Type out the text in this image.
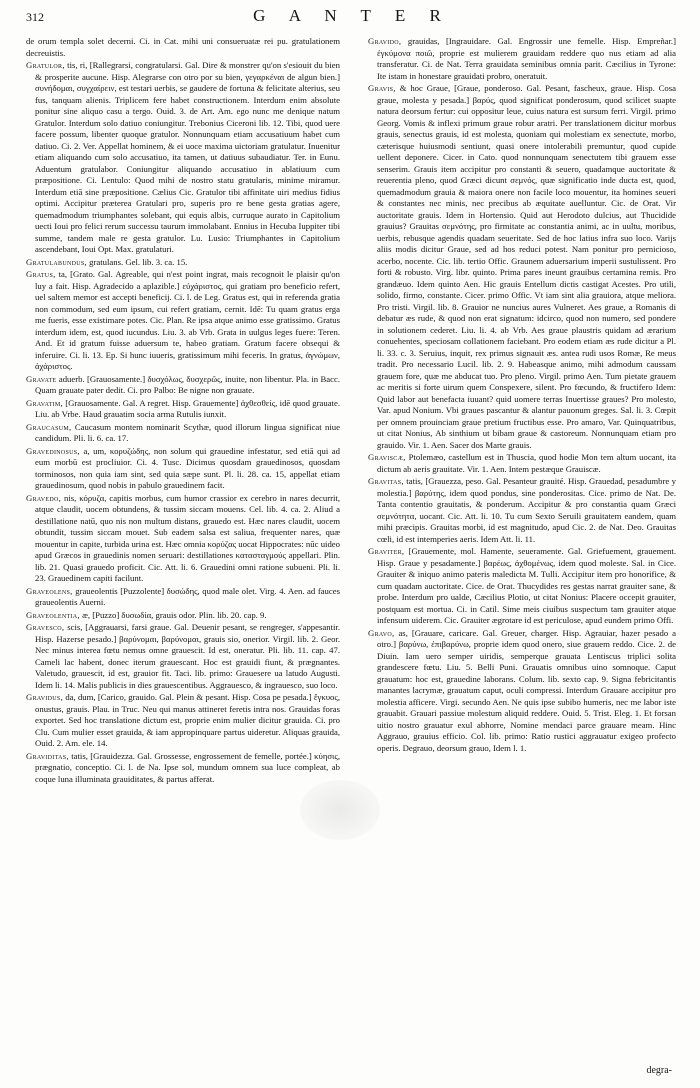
312	G A N T E R

de orum templa solet decerni. Ci. in Cat. mihi uni consueruatæ rei pu. gratulationem decreuistis.

Gratulor, tis, ri, [Rallegrarsi, congratularsi. Gal. Dire & monstrer qu'on s'esiouit du bien & prosperite aucune. Hisp. Alegrarse con otro por su bien, γεγαρκέναι de algun bien.] συνήδομαι, συγχαίρειν, est testari uerbis, se gaudere de fortuna & felicitate alterius, seu fus, tanquam alienis. Triplicem fere habet constructionem. Interdum enim absolute ponitur sine aliquo casu a tergo. Ouid. 3. de Art. Am. ego nunc me denique natum Gratulor. Interdum solo datiuo coniungitur. Trebonius Ciceroni lib. 12. Tibi, quod uere facere possum, libenter quoque gratulor. Nonnunquam etiam accusatiuum habet cum datiuo. Ci. 2. Ver. Appellat hominem, & ei uoce maxima uictoriam gratulatur. Inuenitur etiam aliquando cum solo accusatiuo, ita tamen, ut datiuus subaudiatur. Ter. in Eunu. Aduentum gratulabor. Coniungitur aliquando accusatiuo in ablatiuum cum præpositione. Ci. Lentulo: Quod mihi de nostro statu gratularis, minime miramur. Interdum etiā sine præpositione. Cælius Cic. Gratulor tibi affinitate uiri medius fidius optimi. Accipitur præterea Gratulari pro, superis pro re bene gesta gratias agere, quemadmodum triumphantes solebant, qui equis albis, curruque aurato in Capitolium uecti Ioui pro felici rerum successu taurum immolabant. Ennius in Hecuba Iuppiter tibi summe, tandem male re gesta gratulor. Lu. Lusio: Triumphantes in Capitolium ascendebant, Ioui Opt. Max. gratulaturi.

Gratulabundus, gratulans. Gel. lib. 3. ca. 15.

Gratus, ta, [Grato. Gal. Agreable, qui n'est point ingrat, mais recognoit le plaisir qu'on luy a fait. Hisp. Agradecido a aplazible.] εὐχάριστος, qui gratiam pro beneficio refert, uel saltem memor est accepti beneficij. Ci. l. de Leg. Gratus est, qui in referenda gratia non commodum, sed eum ipsum, cui refert gratiam, cernit. Idē: Tu quam gratus erga me fueris, esse existimare potes. Cic. Plan. Re ipsa atque animo esse gratissimo. Gratus interdum idem, est, quod iucundus. Liu. 3. ab Vrb. Grata in uulgus leges fuere: Teren. And. Et id gratum fuisse aduersum te, habeo gratiam. Gratum facere obsequi & inferuire. Ci. li. 13. Ep. Si hunc iuueris, gratissimum mihi feceris. In gratus, ἀγνώμων, ἀχάριστος.

Gravate aduerb. [Grauosamente.] δυσχόλως, δυσχερῶς, inuite, non libentur. Pla. in Bacc. Quam grauate pater dedit. Ci. pro Palbo: Be nigne non grauate.

Gravatim, [Grauosamente. Gal. A regret. Hisp. Grauemente] ἀχθεσθείς, idē quod grauate. Liu. ab Vrbe. Haud grauatim socia arma Rutulis iunxit.

Graucasum, Caucasum montem nominarit Scythæ, quod illorum lingua significat niue candidum. Pli. li. 6. ca. 17.

Gravedinosus, a, um, κορυζώδης, non solum qui grauedine infestatur, sed etiā qui ad eum morbū est procliuior. Ci. 4. Tusc. Dicimus quosdam grauedinosos, quosdam torminosos, non quia iam sint, sed quia sæpe sunt. Pl. li. 28. ca. 15, appellat etiam grauedinosum, quod nobis in pabulo grauedinem facit.

Gravedo, nis, κόρυζα, capitis morbus, cum humor crassior ex cerebro in nares decurrit, atque claudit, uocem obtundens, & tussim siccam mouens. Cel. lib. 4. ca. 2. Aliud a destillatione natū, quo nis non multum distans, grauedo est. Hæc nares claudit, uocem obtundit, tussim siccam mouet. Sub eadem salsa est saliua, frequenter nares, quæ mouentur in capite, turbida urina est. Hæc omnia κορύζας uocat Hippocrates: nūc uideo apud Græcos in grauedinis nomen seruari: destillationes κατασταγμούς appellari. Plin. lib. 21. Quasi grauedo proficit. Cic. Att. li. 6. Grauedini omni ratione subueni. Pli. li. 23. Grauedinem capiti facilunt.

Graveolens, graueolentis [Puzzolente] δυσώδης, quod male olet. Virg. 4. Aen. ad fauces graueolentis Auerni.

Graveolentia, æ, [Puzzo] δυσωδία, grauis odor. Plin. lib. 20. cap. 9.

Gravesco, scis, [Aggrauarsi, farsi graue. Gal. Deuenir pesant, se rengreger, s'appesantir. Hisp. Hazerse pesado.] βαρύνομαι, βαρύνομαι, grauis sio, onerior. Virgil. lib. 2. Geor. Nec minus interea fœtu nemus omne grauescit. Id est, oneratur. Pli. lib. 11. cap. 47. Cameli lac habent, donec iterum grauescant. Hoc est grauidi fiunt, & prægnantes. Valetudo, grauescit, id est, grauior fit. Taci. lib. primo: Grauesere ua latudo Augusti. Idem li. 14. Malis publicis in dies grauescentibus. Aggrauesco, & ingrauesco, suo loco.

Gravidus, da, dum, [Carico, grauido. Gal. Plein & pesant. Hisp. Cosa pe pesada.] ἔγκυος, onustus, grauis. Plau. in Truc. Neu qui manus attineret feretis intra nos. Grauidas foras exportet. Sed hoc translatione dictum est, proprie enim mulier dicitur grauida. Ci. pro Clu. Cum mulier esset grauida, & iam appropinquare partus uideretur. Aliquas grauida, Ouid. 2. Am. ele. 14.

Graviditas, tatis, [Grauidezza. Gal. Grossesse, engrossement de femelle, portée.] κύησις, prægnatio, conceptio. Ci. l. de Na. Ipse sol, mundum omnem sua luce compleat, ab coque luna illuminata grauiditates, & partus afferat.

Gravido, grauidas, [Ingrauidare. Gal. Engrossir une femelle. Hisp. Empreñar.] ἐγκύμονα ποιῶ, proprie est mulierem grauidam reddere quo nus etiam ad alia transferatur. Ci. de Nat. Terra grauidata seminibus omnia parit. Cæcilius in Tyrone: Ite istam in honestare grauidati probro, oneratuit.

Gravis, & hoc Graue, [Graue, ponderoso. Gal. Pesant, fascheux, graue. Hisp. Cosa graue, molesta y pesada.] βαρύς, quod significat ponderosum, quod scilicet suapte natura deorsum fertur: cui oppositur leue, cuius natura est sursum ferri. Virgil. primo Georg. Vomis & inflexi primum graue robur aratri. Per translationem dicitur morbus grauis, senectus grauis, id est molesta, quoniam qui molestiam ex senectute, morbo, cæterisque huiusmodi sentiunt, quasi onere intolerabili premuntur, quod cupide uellent deponere. Cicer. in Cato. quod nonnunquam senectutem tibi grauem esse senserim. Grauis item accipitur pro constanti & seuero, quadamque auctoritate & reuerentia pleno, quod Græci dicunt σεμνός, quæ significatio inde ducta est, quod, quemadmodum grauia & maiora onere non facile loco mouentur, ita homines seueri & constantes nec minis, nec precibus ab æquitate auelluntur. Cic. de Orat. Vir auctoritate grauis. Idem in Hortensio. Quid aut Herodoto dulcius, aut Thucidide grauius? Grauitas σεμνότης, pro firmitate ac constantia animi, ac in uultu, moribus, uerbis, rebusque agendis quadam seueritate. Sed de hoc latius infra suo loco. Varijs aliis modis dicitur Graue, sed ad hos reduci potest. Nam ponitur pro pernicioso, acerbo, nocente. Cic. lib. tertio Offic. Graunem aduersarium imperii sustulissent. Pro forti & robusto. Virg. libr. quinto. Prima pares ineunt grauibus certamina remis. Pro grandæuo. Idem quinto Aen. Hic grauis Entellum dictis castigat Acestes. Pro utili, solido, firmo, constante. Cicer. primo Offic. Vt iam sint alia grauiora, atque meliora. Pro tristi. Virgil. lib. 8. Grauior ne nuncius aures Vulneret. Aes graue, a Romanis di debatur æs rude, & quod non erat signatum: idcirco, quod non numero, sed pondere in solutionem cederet. Liu. li. 4. ab Vrb. Aes graue plaustris quidam ad ærarium conuehentes, speciosam collationem faciebant. Pro eodem etiam æs rude dicitur a Pl. li. 33. c. 3. Seruius, inquit, rex primus signauit æs. antea rudi usos Romæ, Re meus tradit. Pro necessario Lucil. lib. 2. 9. Habeasque animo, mihi admodum caussam grauem fore, quæ me abducat tuo. Pro pleno. Virgil. primo Aen. Tum pietate grauem ac meritis si forte uirum quem Conspexere, silent. Pro fœcundo, & fructifero Idem: Quid labor aut benefacta iuuant? quid uomere terras Inuertisse graues? Pro molesto, Var. apud Nonium. Vbi graues pascantur & alantur pauonum greges. Sal. li. 3. Cœpit per omnem prouinciam graue pretium fructibus esse. Pro amaro, Var. Quinquatribus, ut citat Nonius, Ab sinthium ut bibam graue & castoreum. Nonnunquam etiam pro grauido. Vir. 1. Aen. Sacer dos Marte grauis.

Graviscæ, Ptolemæo, castellum est in Thuscia, quod hodie Mon tem altum uocant, ita dictum ab aeris grauitate. Vir. 1. Aen. Intem pestæque Grauiscæ.

Gravitas, tatis, [Grauezza, peso. Gal. Pesanteur grauité. Hisp. Grauedad, pesadumbre y molestia.] βαρύτης, idem quod pondus, sine ponderositas. Cice. primo de Nat. De. Tanta contentio grauitatis, & ponderum. Accipitur & pro constantia quam Græci σεμνότητα, uocant. Cic. Att. li. 10. Tu cum Sexto Seruili grauitatem eandem, quam mihi præcipis. Grauitas morbi, id est magnitudo, apud Cic. 2. de Nat. Deo. Grauitas cœli, id est intemperies aeris. Idem Att. li. 11.

Graviter, [Grauemente, mol. Hamente, seueramente. Gal. Griefuement, grauement. Hisp. Graue y pesadamente.] βαρέως, ἀχθομένως, idem quod moleste. Sal. in Cice. Grauiter & iniquo animo pateris maledicta M. Tulli. Accipitur item pro honorifice, & cum quadam auctoritate. Cice. de Orat. Thucydides res gestas narrat grauiter sane, & probe. Interdum pro ualde, Cæcilius Plotio, ut citat Nonius: Placere occepit grauiter, postquam est mortua. Ci. in Catil. Sime meis ciuibus suspectum tam grauiter atque infensum uiderem. Cic. Grauiter ægrotare id est periculose, apud eundem primo Offi.

Gravo, as, [Grauare, caricare. Gal. Greuer, charger. Hisp. Agrauiar, hazer pesado a otro.] βαρύνω, ἐπιβαρύνω, proprie idem quod onero, siue grauem reddo. Cice. 2. de Diuin. Iam uero semper uiridis, semperque grauata Lentiscus triplici solita grandescere fœtu. Liu. 5. Belli Puni. Grauatis omnibus uino somnoque. Caput grauatum: hoc est, grauedine laborans. Colum. lib. sexto cap. 9. Signa febricitantis manantes lacrymæ, grauatum caput, oculi compressi. Interdum Grauare accipitur pro molestia afficere. Virgi. secundo Aen. Ne quis ipse subibo humeris, nec me labor iste grauabit. Grauari passiue molestum aliquid reddere. Ouid. 5. Trist. Eleg. 1. Et forsan uitio nostro grauatur exul abhorre, Nomine mendaci parce grauare meam. Hinc Aggrauo, grauius efficio. Col. lib. primo: Ratio rustici aggrauatur exigeo profecto operis. Degrauo, deorsum grauo, Idem l. 1.

degra-
